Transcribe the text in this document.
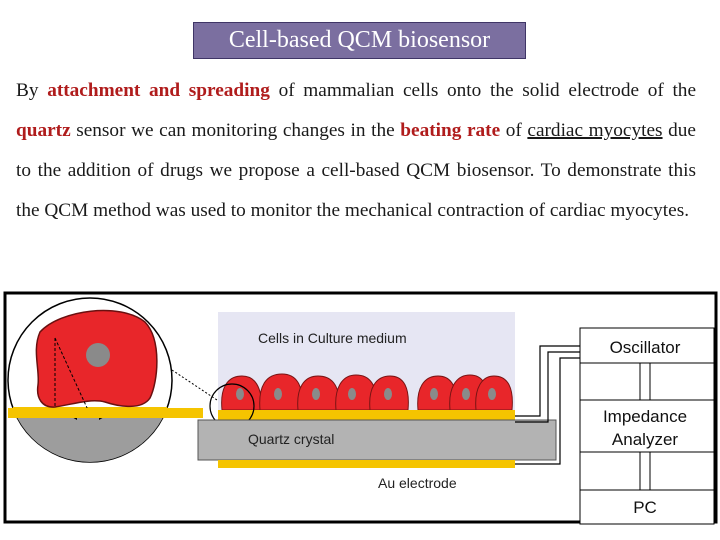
Cell-based QCM biosensor

By attachment and spreading of mammalian cells onto the solid electrode of the quartz sensor we can monitoring changes in the beating rate of cardiac myocytes due to the addition of drugs we propose a cell-based QCM biosensor. To demonstrate this the QCM method was used to monitor the mechanical contraction of cardiac myocytes.

Cells in Culture medium
Quartz crystal
Au electrode
Oscillator
Impedance
Analyzer
PC
